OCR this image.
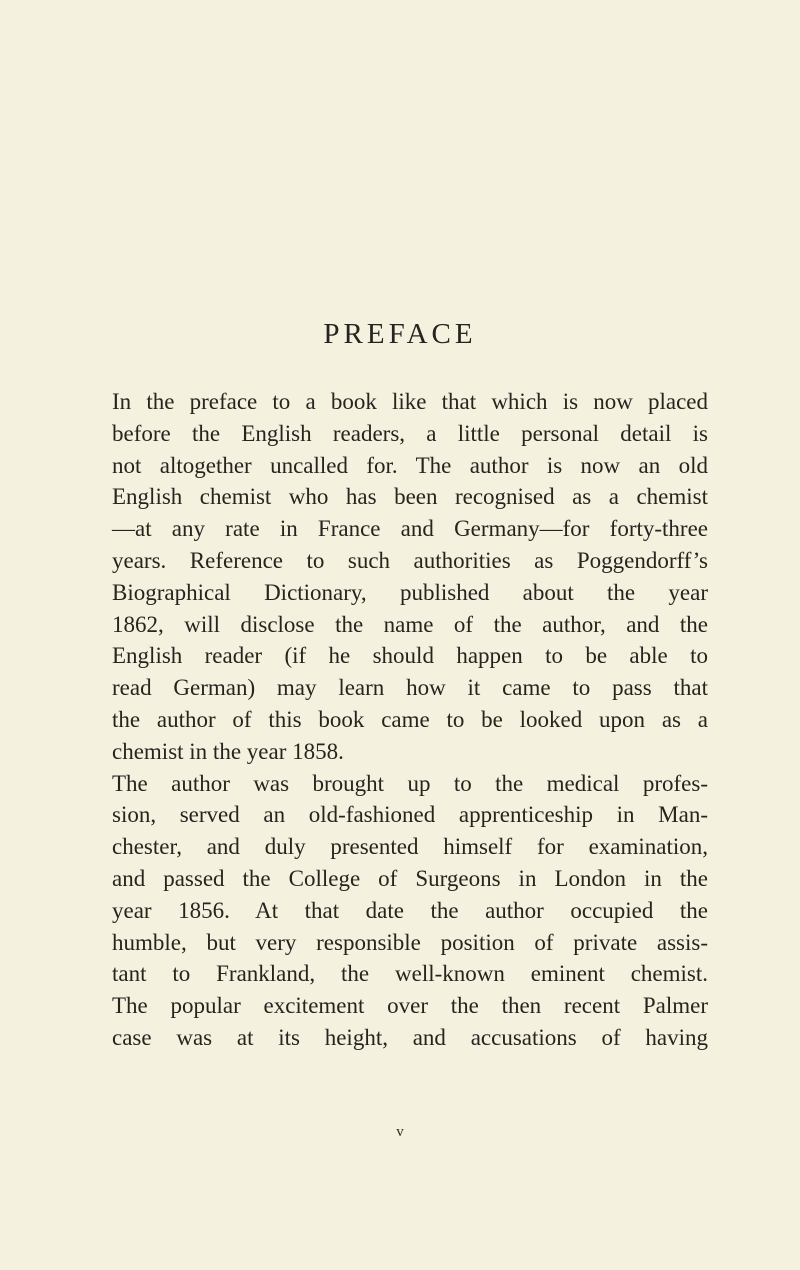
PREFACE
In the preface to a book like that which is now placed
before the English readers, a little personal detail is
not altogether uncalled for. The author is now an old
English chemist who has been recognised as a chemist
—at any rate in France and Germany—for forty-three
years. Reference to such authorities as Poggendorff’s
Biographical Dictionary, published about the year
1862, will disclose the name of the author, and the
English reader (if he should happen to be able to
read German) may learn how it came to pass that
the author of this book came to be looked upon as a
chemist in the year 1858.
The author was brought up to the medical profes-
sion, served an old-fashioned apprenticeship in Man-
chester, and duly presented himself for examination,
and passed the College of Surgeons in London in the
year 1856. At that date the author occupied the
humble, but very responsible position of private assis-
tant to Frankland, the well-known eminent chemist.
The popular excitement over the then recent Palmer
case was at its height, and accusations of having
v
